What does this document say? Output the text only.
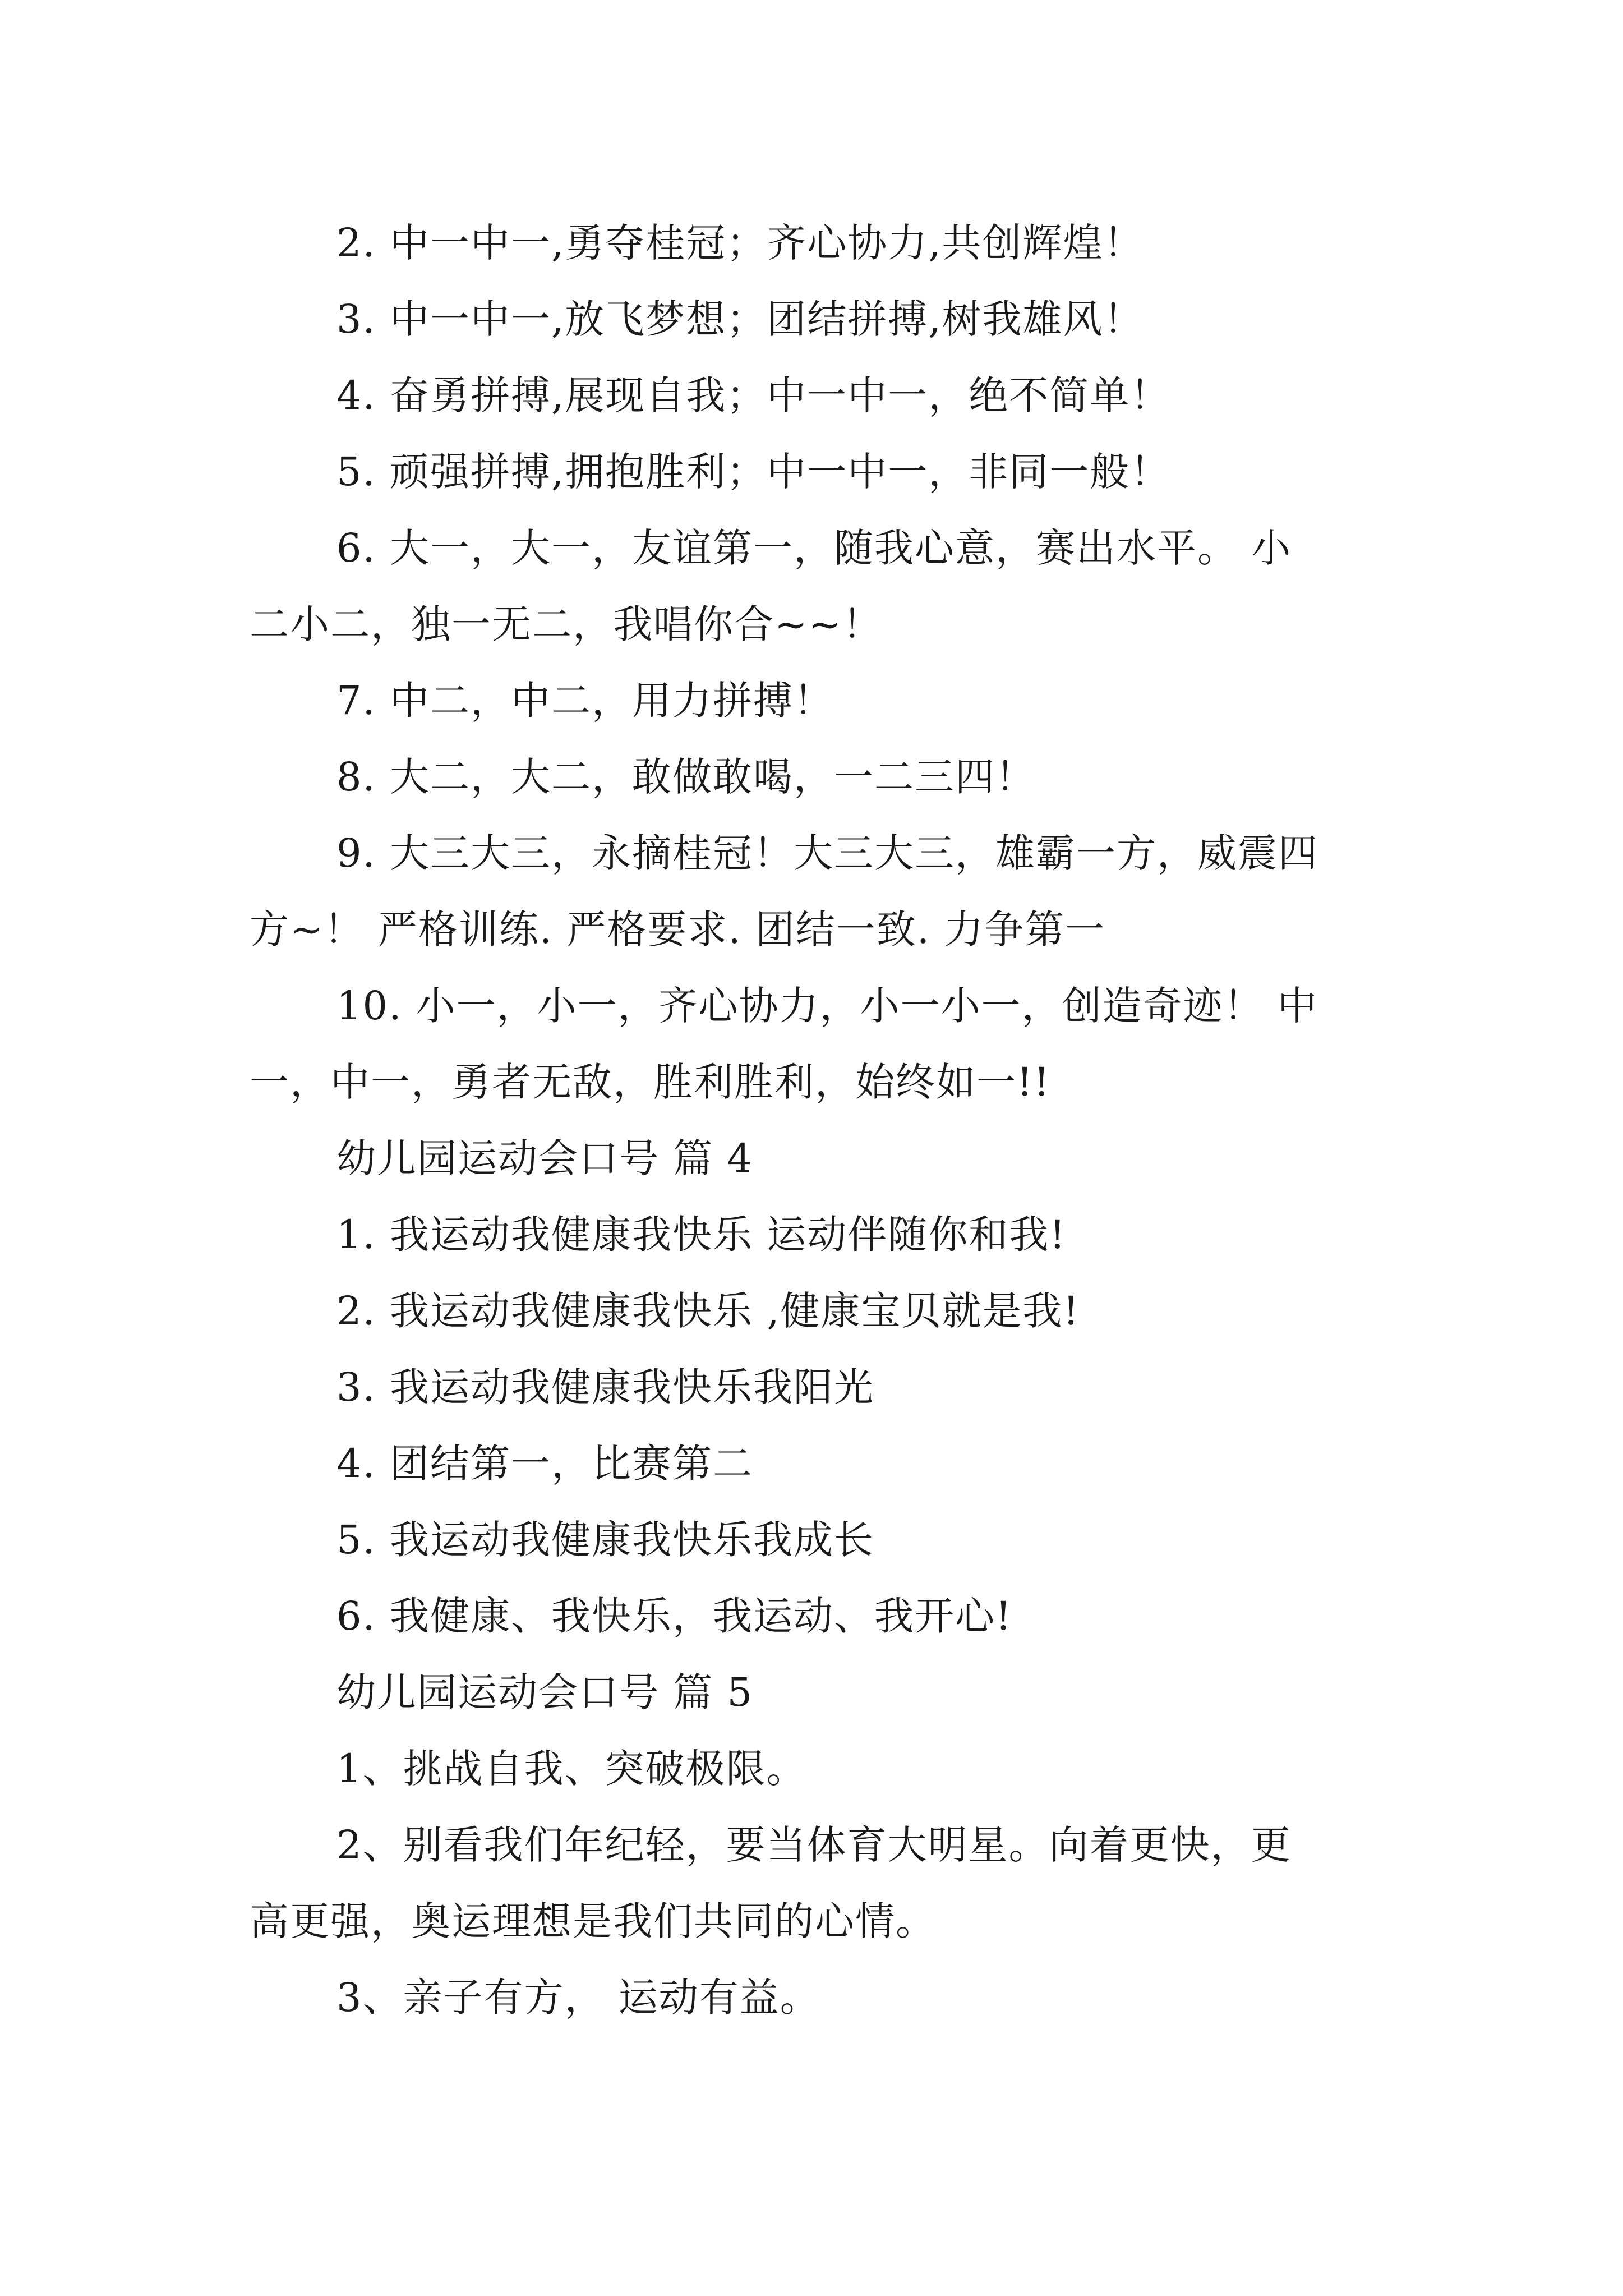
2. 中一中一,勇夺桂冠；齐心协力,共创辉煌！
3. 中一中一,放飞梦想；团结拼搏,树我雄风！
4. 奋勇拼搏,展现自我；中一中一，绝不简单！
5. 顽强拼搏,拥抱胜利；中一中一，非同一般！
6. 大一，大一，友谊第一，随我心意，赛出水平。 小
二小二，独一无二，我唱你合~~！
7. 中二，中二，用力拼搏！
8. 大二，大二，敢做敢喝，一二三四！
9. 大三大三，永摘桂冠！大三大三，雄霸一方，威震四
方~！ 严格训练. 严格要求. 团结一致. 力争第一
10. 小一，小一，齐心协力，小一小一，创造奇迹！ 中
一，中一，勇者无敌，胜利胜利，始终如一!!
幼儿园运动会口号 篇 4
1. 我运动我健康我快乐 运动伴随你和我!
2. 我运动我健康我快乐 ,健康宝贝就是我!
3. 我运动我健康我快乐我阳光
4. 团结第一，比赛第二
5. 我运动我健康我快乐我成长
6. 我健康、我快乐，我运动、我开心!
幼儿园运动会口号 篇 5
1、挑战自我、突破极限。
2、别看我们年纪轻，要当体育大明星。向着更快，更
高更强，奥运理想是我们共同的心情。
3、亲子有方， 运动有益。
